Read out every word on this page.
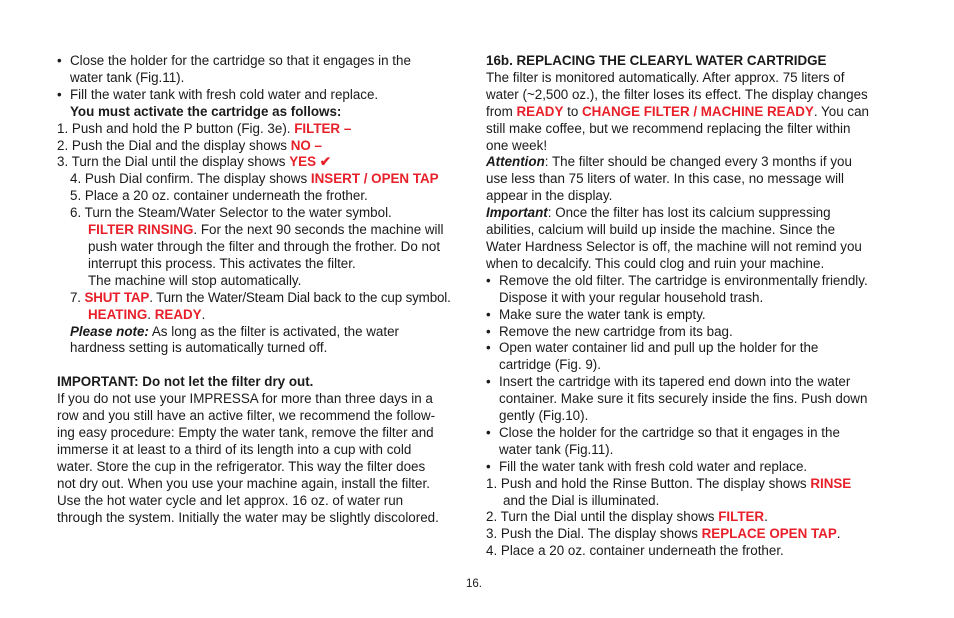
• Close the holder for the cartridge so that it engages in the
water tank (Fig.11).
• Fill the water tank with fresh cold water and replace.
You must activate the cartridge as follows:
1. Push and hold the P button (Fig. 3e). FILTER –
2. Push the Dial and the display shows NO –
3. Turn the Dial until the display shows YES ✔
4. Push Dial confirm. The display shows INSERT / OPEN TAP
5. Place a 20 oz. container underneath the frother.
6. Turn the Steam/Water Selector to the water symbol.
FILTER RINSING. For the next 90 seconds the machine will
push water through the filter and through the frother. Do not
interrupt this process. This activates the filter.
The machine will stop automatically.
7. SHUT TAP. Turn the Water/Steam Dial back to the cup symbol.
HEATING. READY.
Please note: As long as the filter is activated, the water
hardness setting is automatically turned off.
IMPORTANT: Do not let the filter dry out.
If you do not use your IMPRESSA for more than three days in a
row and you still have an active filter, we recommend the follow-
ing easy procedure: Empty the water tank, remove the filter and
immerse it at least to a third of its length into a cup with cold
water. Store the cup in the refrigerator. This way the filter does
not dry out. When you use your machine again, install the filter.
Use the hot water cycle and let approx. 16 oz. of water run
through the system. Initially the water may be slightly discolored.
16b. REPLACING THE CLEARYL WATER CARTRIDGE
The filter is monitored automatically. After approx. 75 liters of
water (~2,500 oz.), the filter loses its effect. The display changes
from READY to CHANGE FILTER / MACHINE READY. You can
still make coffee, but we recommend replacing the filter within
one week!
Attention: The filter should be changed every 3 months if you
use less than 75 liters of water. In this case, no message will
appear in the display.
Important: Once the filter has lost its calcium suppressing
abilities, calcium will build up inside the machine. Since the
Water Hardness Selector is off, the machine will not remind you
when to decalcify. This could clog and ruin your machine.
• Remove the old filter. The cartridge is environmentally friendly.
Dispose it with your regular household trash.
• Make sure the water tank is empty.
• Remove the new cartridge from its bag.
• Open water container lid and pull up the holder for the
cartridge (Fig. 9).
• Insert the cartridge with its tapered end down into the water
container. Make sure it fits securely inside the fins. Push down
gently (Fig.10).
• Close the holder for the cartridge so that it engages in the
water tank (Fig.11).
• Fill the water tank with fresh cold water and replace.
1. Push and hold the Rinse Button. The display shows RINSE
and the Dial is illuminated.
2. Turn the Dial until the display shows FILTER.
3. Push the Dial. The display shows REPLACE OPEN TAP.
4. Place a 20 oz. container underneath the frother.
16.
